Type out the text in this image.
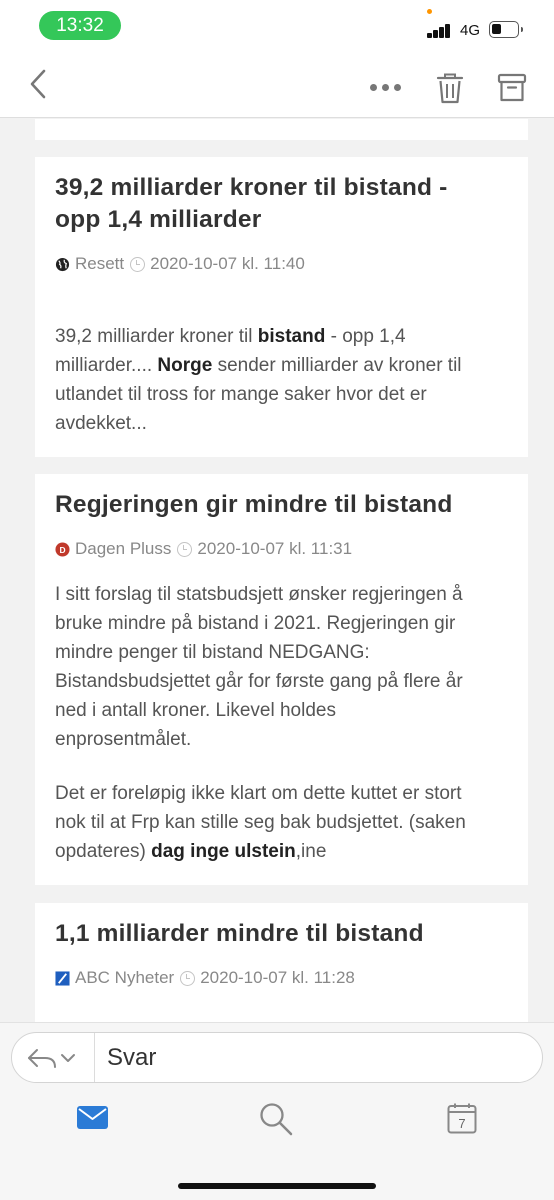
13:32	4G
39,2 milliarder kroner til bistand -
opp 1,4 milliarder
Resett 2020-10-07 kl. 11:40
39,2 milliarder kroner til bistand - opp 1,4
milliarder.... Norge sender milliarder av kroner til
utlandet til tross for mange saker hvor det er
avdekket...
Regjeringen gir mindre til bistand
D Dagen Pluss 2020-10-07 kl. 11:31
I sitt forslag til statsbudsjett ønsker regjeringen å
bruke mindre på bistand i 2021. Regjeringen gir
mindre penger til bistand NEDGANG:
Bistandsbudsjettet går for første gang på flere år
ned i antall kroner. Likevel holdes
enprosentmålet.
Det er foreløpig ikke klart om dette kuttet er stort
nok til at Frp kan stille seg bak budsjettet. (saken
opdateres) dag inge ulstein,ine
1,1 milliarder mindre til bistand
ABC Nyheter 2020-10-07 kl. 11:28
Svar
7
